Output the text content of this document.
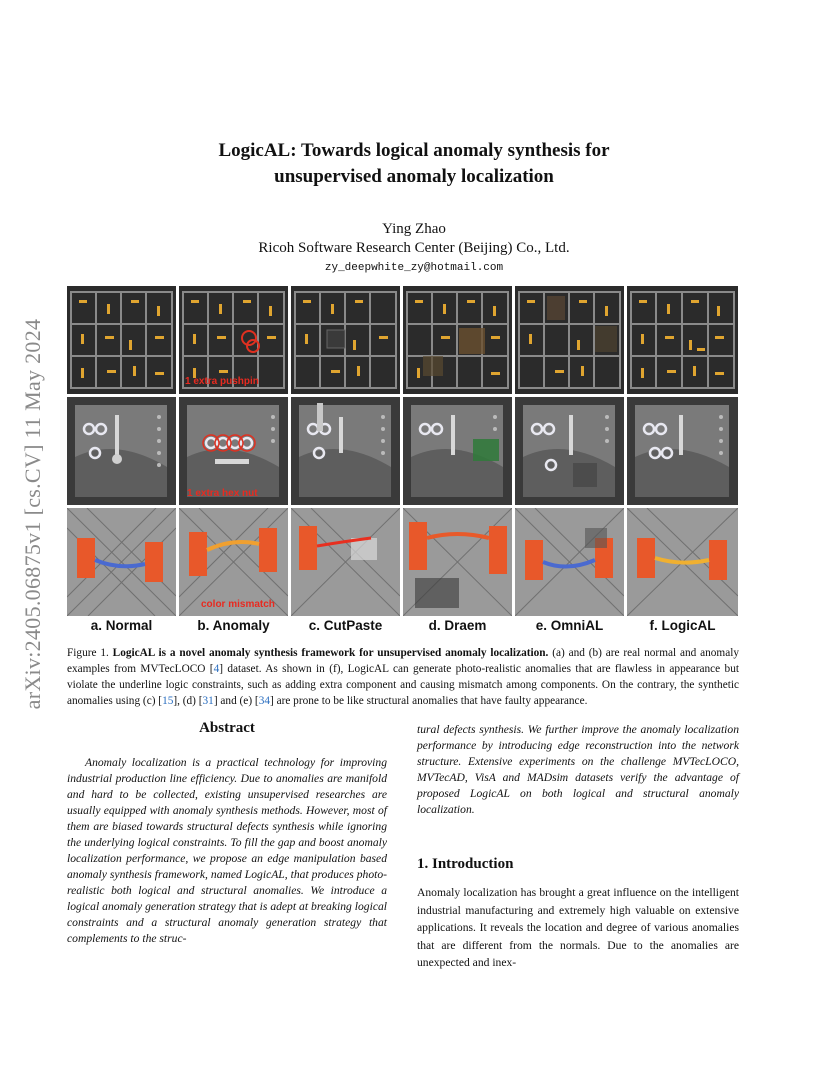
arXiv:2405.06875v1 [cs.CV] 11 May 2024
LogicAL: Towards logical anomaly synthesis for
unsupervised anomaly localization
Ying Zhao
Ricoh Software Research Center (Beijing) Co., Ltd.
zy_deepwhite_zy@hotmail.com
1 extra pushpin
1 extra hex nut
color mismatch
a. Normal	b. Anomaly	c. CutPaste	d. Draem	e. OmniAL	f. LogicAL
Figure 1. LogicAL is a novel anomaly synthesis framework for unsupervised anomaly localization. (a) and (b) are real normal and anomaly examples from MVTecLOCO [4] dataset. As shown in (f), LogicAL can generate photo-realistic anomalies that are flawless in appearance but violate the underline logic constraints, such as adding extra component and causing mismatch among components. On the contrary, the synthetic anomalies using (c) [15], (d) [31] and (e) [34] are prone to be like structural anomalies that have faulty appearance.
Abstract

Anomaly localization is a practical technology for improving industrial production line efficiency. Due to anomalies are manifold and hard to be collected, existing unsupervised researches are usually equipped with anomaly synthesis methods. However, most of them are biased towards structural defects synthesis while ignoring the underlying logical constraints. To fill the gap and boost anomaly localization performance, we propose an edge manipulation based anomaly synthesis framework, named LogicAL, that produces photo-realistic both logical and structural anomalies. We introduce a logical anomaly generation strategy that is adept at breaking logical constraints and a structural anomaly generation strategy that complements to the struc-

tural defects synthesis. We further improve the anomaly localization performance by introducing edge reconstruction into the network structure. Extensive experiments on the challenge MVTecLOCO, MVTecAD, VisA and MADsim datasets verify the advantage of proposed LogicAL on both logical and structural anomaly localization.

1. Introduction

Anomaly localization has brought a great influence on the intelligent industrial manufacturing and extremely high valuable on extensive applications. It reveals the location and degree of various anomalies that are different from the normals. Due to the anomalies are unexpected and inex-
